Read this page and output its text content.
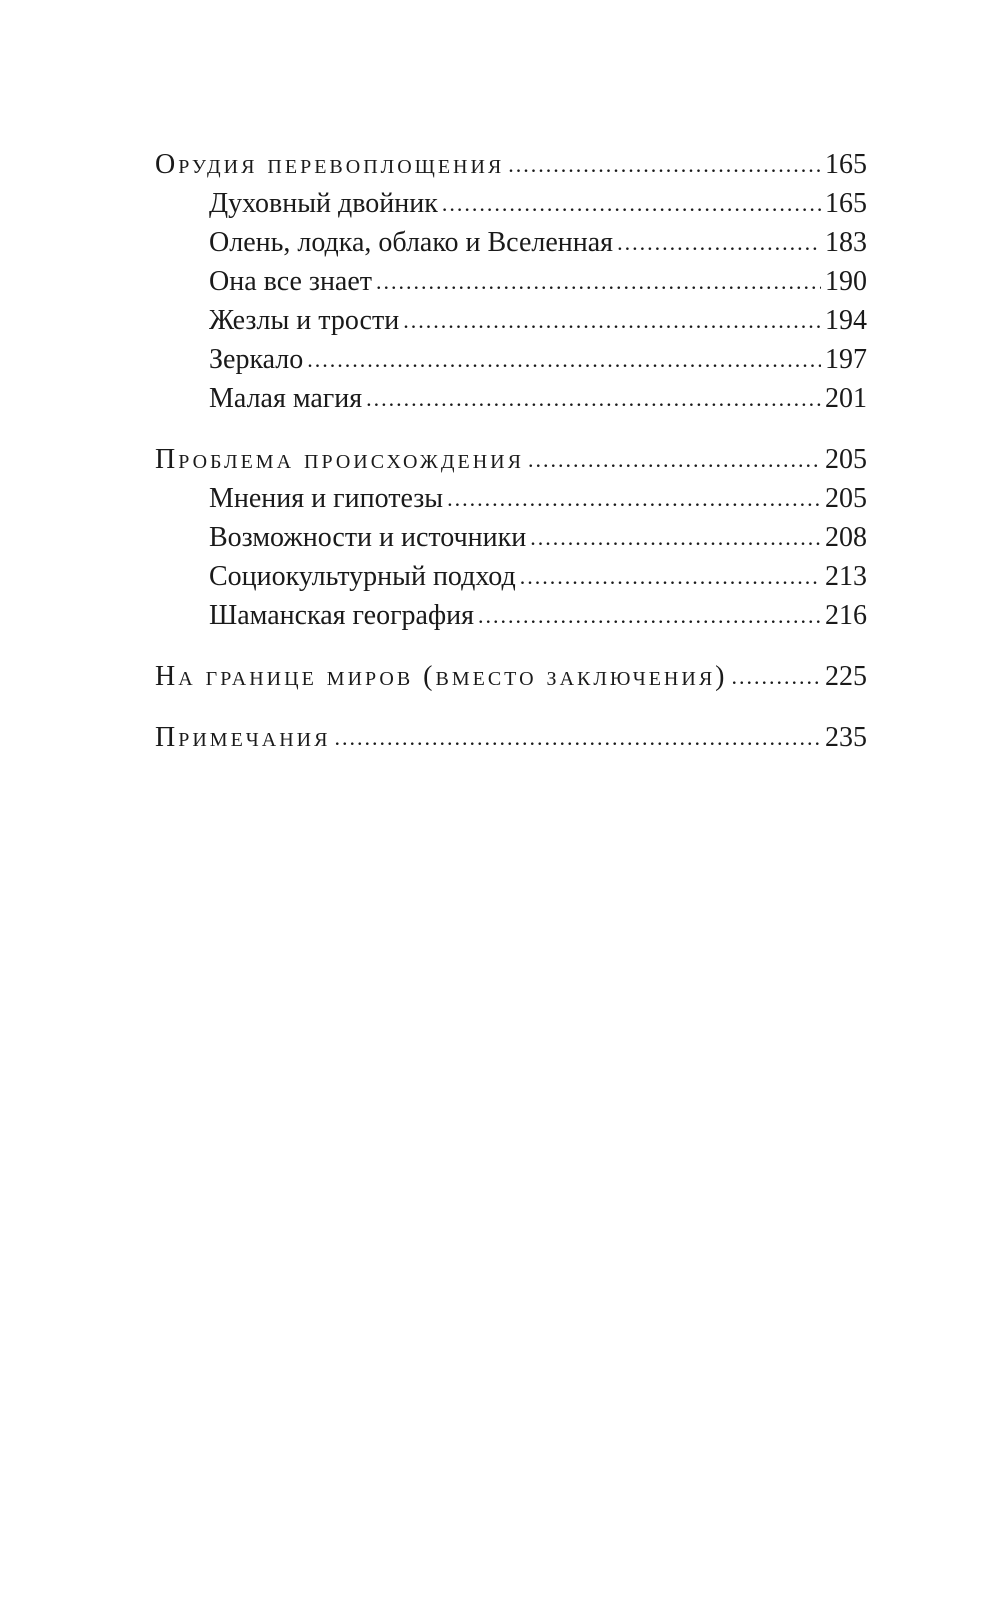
Орудия перевоплощения .....	165
Духовный двойник .....	165
Олень, лодка, облако и Вселенная .....	183
Она все знает .....	190
Жезлы и трости .....	194
Зеркало .....	197
Малая магия .....	201
Проблема происхождения .....	205
Мнения и гипотезы .....	205
Возможности и источники .....	208
Социокультурный подход .....	213
Шаманская география .....	216
На границе миров (вместо заключения) .....	225
Примечания .....	235
